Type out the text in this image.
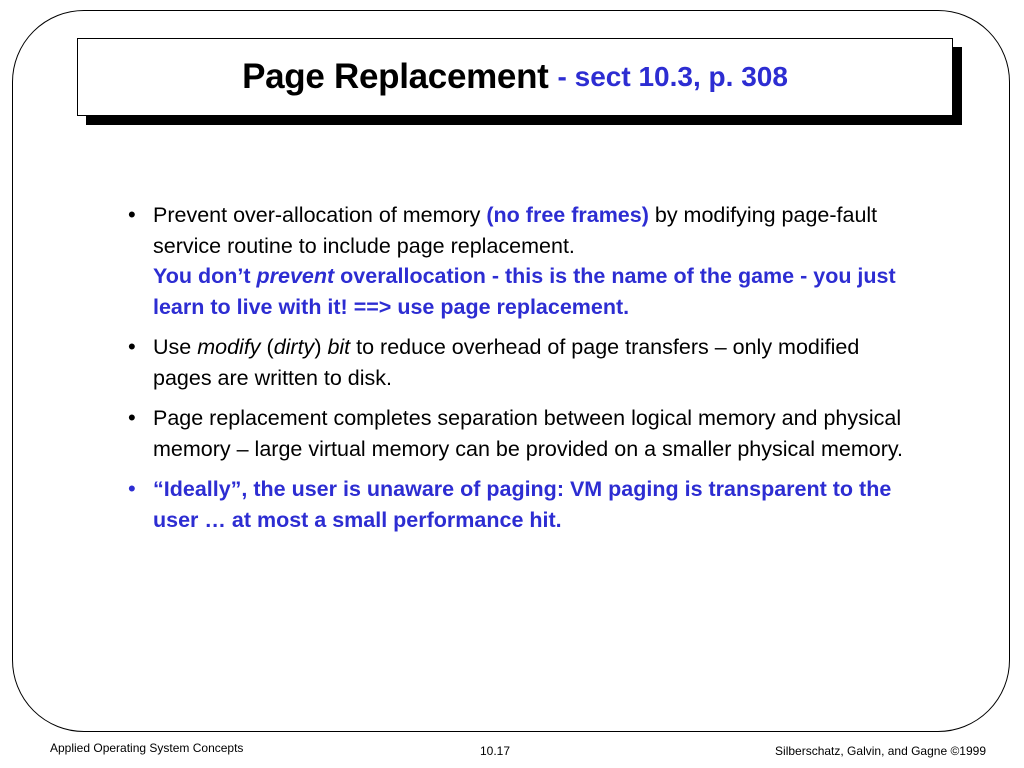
Page Replacement - sect 10.3, p. 308
• Prevent over-allocation of memory (no free frames) by modifying page-fault service routine to include page replacement.
You don’t prevent overallocation - this is the name of the game - you just learn to live with it! ==> use page replacement.
• Use modify (dirty) bit to reduce overhead of page transfers – only modified pages are written to disk.
• Page replacement completes separation between logical memory and physical memory – large virtual memory can be provided on a smaller physical memory.
• “Ideally”, the user is unaware of paging: VM paging is transparent to the user … at most a small performance hit.
Applied Operating System Concepts	10.17	Silberschatz, Galvin, and Gagne ©1999
